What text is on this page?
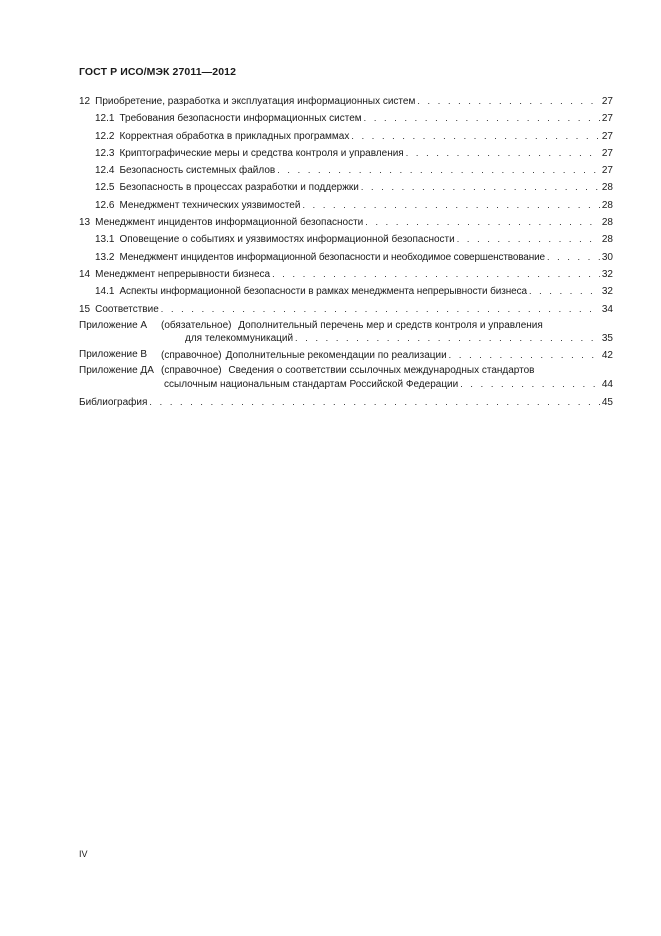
ГОСТ Р ИСО/МЭК 27011—2012
12 Приобретение, разработка и эксплуатация информационных систем . . .	27
12.1 Требования безопасности информационных систем . . .	27
12.2 Корректная обработка в прикладных программах . . .	27
12.3 Криптографические меры и средства контроля и управления . . .	27
12.4 Безопасность системных файлов . . .	27
12.5 Безопасность в процессах разработки и поддержки . . .	28
12.6 Менеджмент технических уязвимостей . . .	28
13 Менеджмент инцидентов информационной безопасности . . .	28
13.1 Оповещение о событиях и уязвимостях информационной безопасности . . .	28
13.2 Менеджмент инцидентов информационной безопасности и необходимое совершенствование . . .	30
14 Менеджмент непрерывности бизнеса . . .	32
14.1 Аспекты информационной безопасности в рамках менеджмента непрерывности бизнеса . . .	32
15 Соответствие . . .	34
Приложение А	(обязательное) Дополнительный перечень мер и средств контроля и управления
для телекоммуникаций . . .	35
Приложение В	(справочное) Дополнительные рекомендации по реализации . . .	42
Приложение ДА (справочное) Сведения о соответствии ссылочных международных стандартов
ссылочным национальным стандартам Российской Федерации . . .	44
Библиография . . .	45
IV
